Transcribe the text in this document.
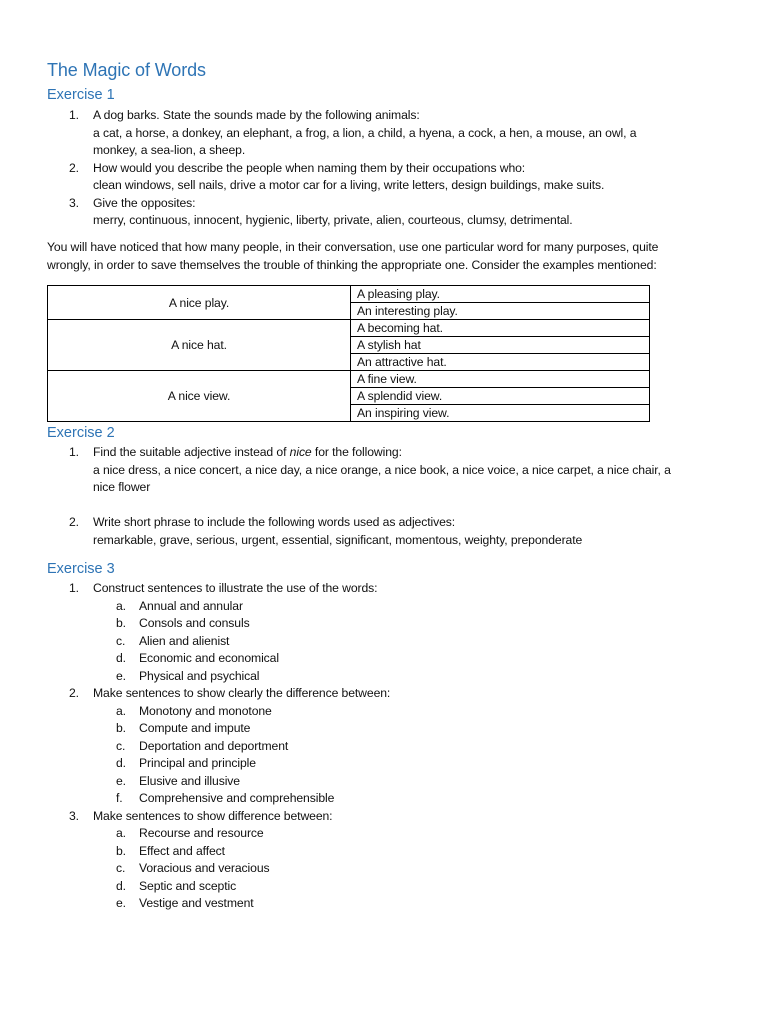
The Magic of Words
Exercise 1
1. A dog barks. State the sounds made by the following animals:
a cat, a horse, a donkey, an elephant, a frog, a lion, a child, a hyena, a cock, a hen, a mouse, an owl, a
monkey, a sea-lion, a sheep.
2. How would you describe the people when naming them by their occupations who:
clean windows, sell nails, drive a motor car for a living, write letters, design buildings, make suits.
3. Give the opposites:
merry, continuous, innocent, hygienic, liberty, private, alien, courteous, clumsy, detrimental.
You will have noticed that how many people, in their conversation, use one particular word for many purposes, quite
wrongly, in order to save themselves the trouble of thinking the appropriate one. Consider the examples mentioned:
A nice play.	A pleasing play.
	An interesting play.
A nice hat.	A becoming hat.
	A stylish hat
	An attractive hat.
A nice view.	A fine view.
	A splendid view.
	An inspiring view.
Exercise 2
1. Find the suitable adjective instead of nice for the following:
a nice dress, a nice concert, a nice day, a nice orange, a nice book, a nice voice, a nice carpet, a nice chair, a
nice flower
2. Write short phrase to include the following words used as adjectives:
remarkable, grave, serious, urgent, essential, significant, momentous, weighty, preponderate
Exercise 3
1. Construct sentences to illustrate the use of the words:
a. Annual and annular
b. Consols and consuls
c. Alien and alienist
d. Economic and economical
e. Physical and psychical
2. Make sentences to show clearly the difference between:
a. Monotony and monotone
b. Compute and impute
c. Deportation and deportment
d. Principal and principle
e. Elusive and illusive
f. Comprehensive and comprehensible
3. Make sentences to show difference between:
a. Recourse and resource
b. Effect and affect
c. Voracious and veracious
d. Septic and sceptic
e. Vestige and vestment
